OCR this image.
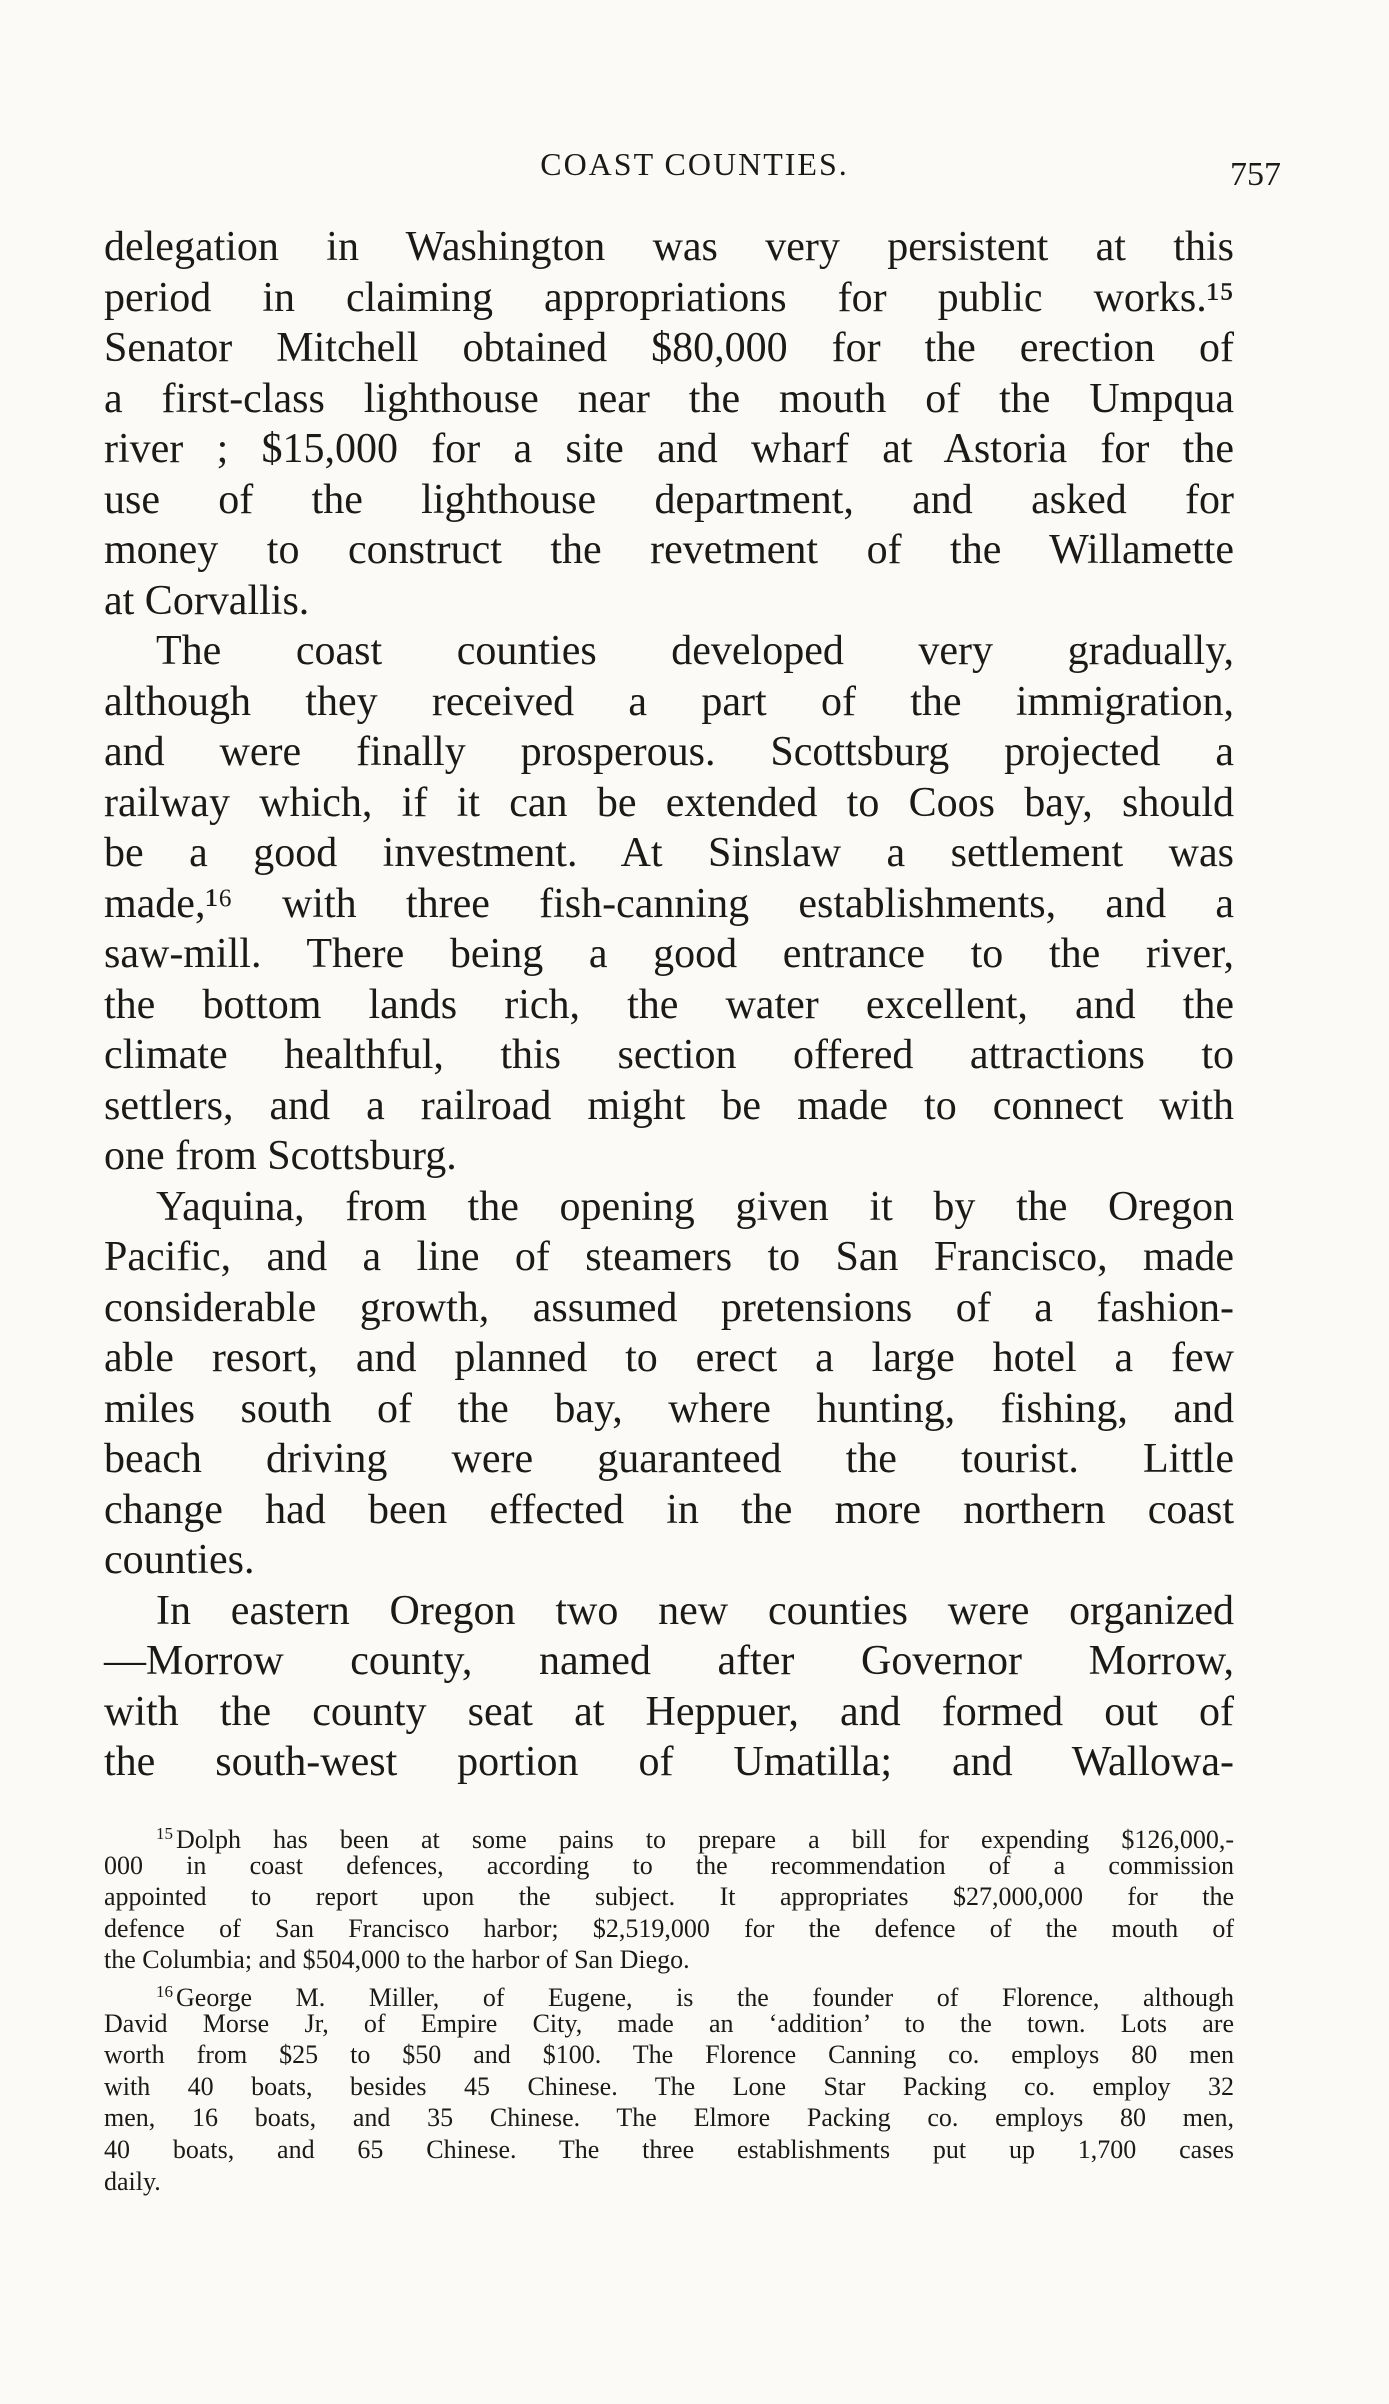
COAST COUNTIES.	757
delegation in Washington was very persistent at this
period in claiming appropriations for public works.¹⁵
Senator Mitchell obtained $80,000 for the erection of
a first-class lighthouse near the mouth of the Umpqua
river ; $15,000 for a site and wharf at Astoria for the
use of the lighthouse department, and asked for
money to construct the revetment of the Willamette
at Corvallis.
The coast counties developed very gradually,
although they received a part of the immigration,
and were finally prosperous. Scottsburg projected a
railway which, if it can be extended to Coos bay, should
be a good investment. At Sinslaw a settlement was
made,¹⁶ with three fish-canning establishments, and a
saw-mill. There being a good entrance to the river,
the bottom lands rich, the water excellent, and the
climate healthful, this section offered attractions to
settlers, and a railroad might be made to connect with
one from Scottsburg.
Yaquina, from the opening given it by the Oregon
Pacific, and a line of steamers to San Francisco, made
considerable growth, assumed pretensions of a fashion-
able resort, and planned to erect a large hotel a few
miles south of the bay, where hunting, fishing, and
beach driving were guaranteed the tourist. Little
change had been effected in the more northern coast
counties.
In eastern Oregon two new counties were organized
—Morrow county, named after Governor Morrow,
with the county seat at Heppuer, and formed out of
the south-west portion of Umatilla; and Wallowa-
$^{15}$ Dolph has been at some pains to prepare a bill for expending $126,000,-
000 in coast defences, according to the recommendation of a commission
appointed to report upon the subject. It appropriates $27,000,000 for the
defence of San Francisco harbor; $2,519,000 for the defence of the mouth of
the Columbia; and $504,000 to the harbor of San Diego.
$^{16}$ George M. Miller, of Eugene, is the founder of Florence, although
David Morse Jr, of Empire City, made an ‘addition’ to the town. Lots are
worth from $25 to $50 and $100. The Florence Canning co. employs 80 men
with 40 boats, besides 45 Chinese. The Lone Star Packing co. employ 32
men, 16 boats, and 35 Chinese. The Elmore Packing co. employs 80 men,
40 boats, and 65 Chinese. The three establishments put up 1,700 cases
daily.
